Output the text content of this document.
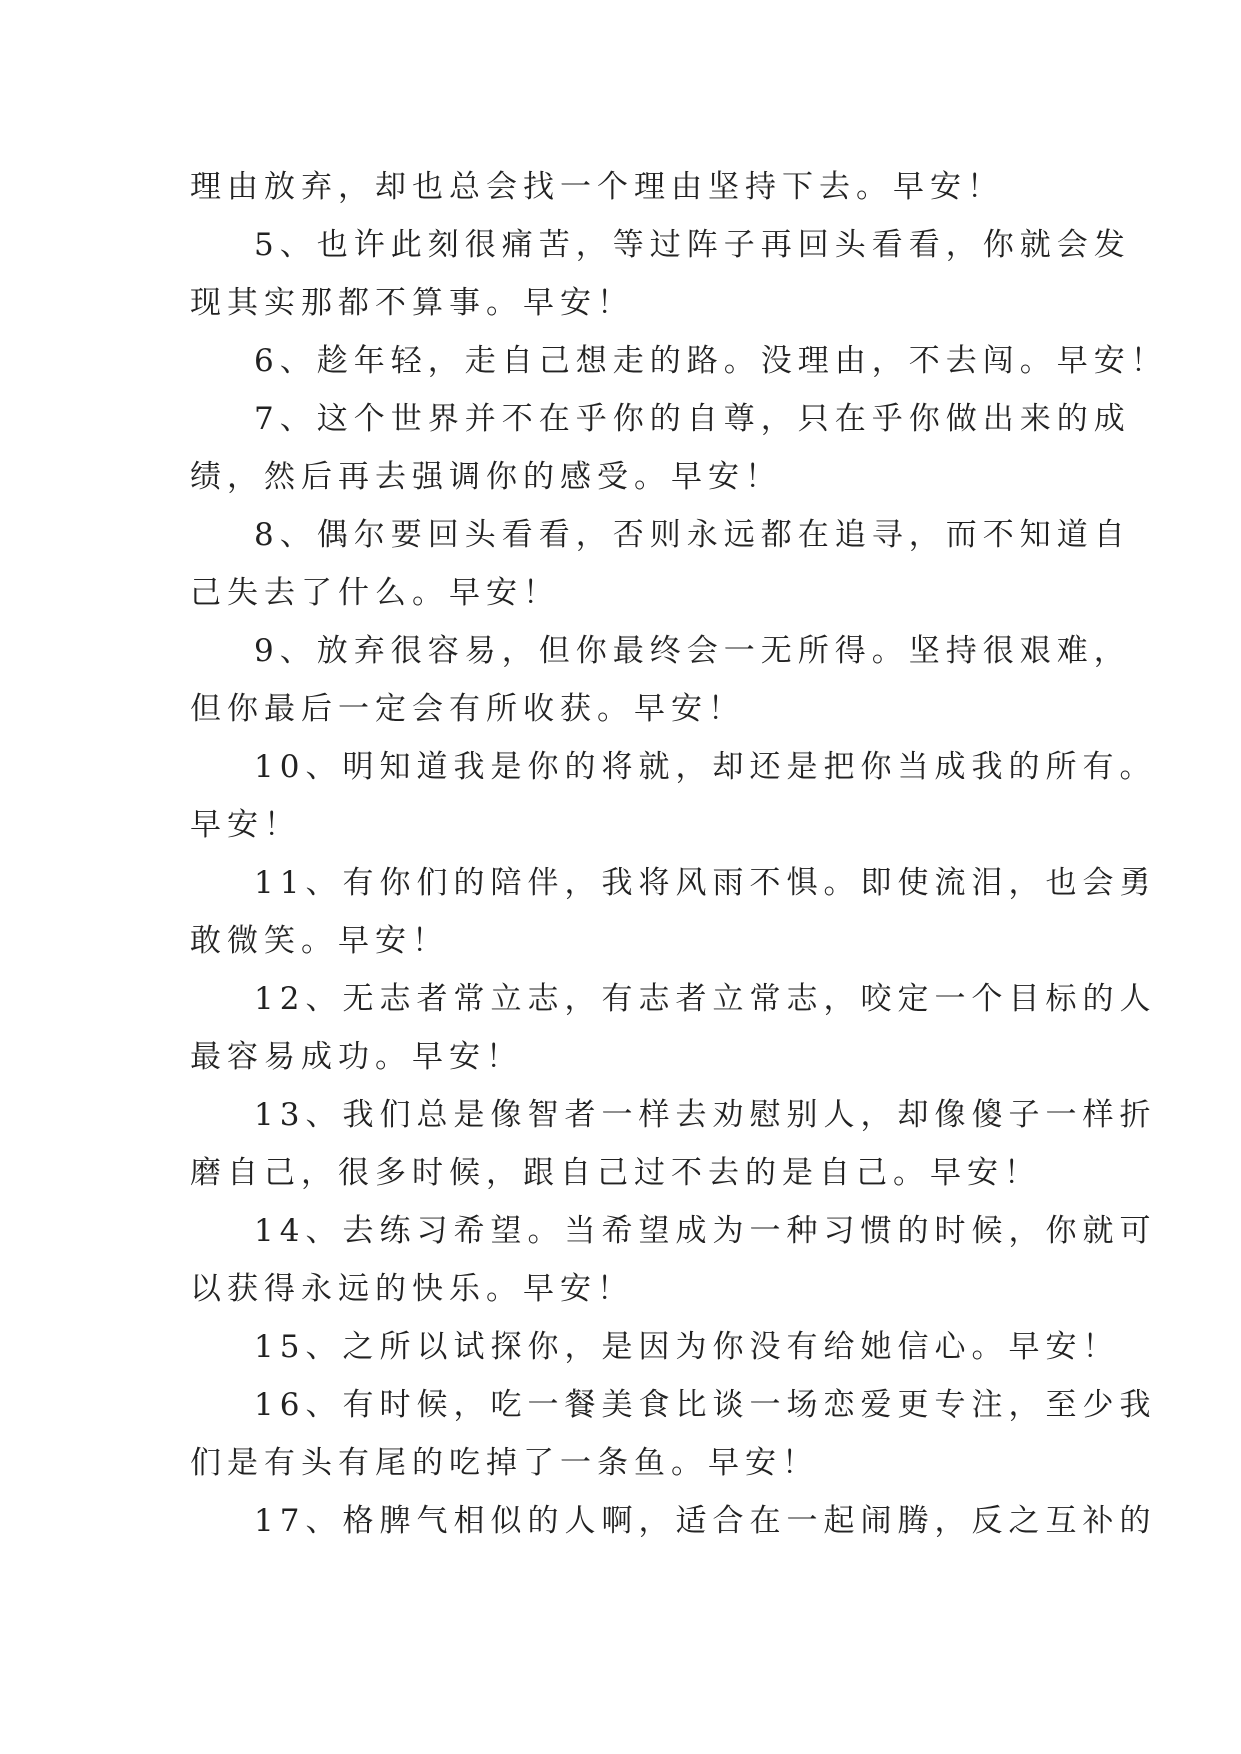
理由放弃，却也总会找一个理由坚持下去。早安！
5、也许此刻很痛苦，等过阵子再回头看看，你就会发
现其实那都不算事。早安！
6、趁年轻，走自己想走的路。没理由，不去闯。早安！
7、这个世界并不在乎你的自尊，只在乎你做出来的成
绩，然后再去强调你的感受。早安！
8、偶尔要回头看看，否则永远都在追寻，而不知道自
己失去了什么。早安！
9、放弃很容易，但你最终会一无所得。坚持很艰难，
但你最后一定会有所收获。早安！
10、明知道我是你的将就，却还是把你当成我的所有。
早安！
11、有你们的陪伴，我将风雨不惧。即使流泪，也会勇
敢微笑。早安！
12、无志者常立志，有志者立常志，咬定一个目标的人
最容易成功。早安！
13、我们总是像智者一样去劝慰别人，却像傻子一样折
磨自己，很多时候，跟自己过不去的是自己。早安！
14、去练习希望。当希望成为一种习惯的时候，你就可
以获得永远的快乐。早安！
15、之所以试探你，是因为你没有给她信心。早安！
16、有时候，吃一餐美食比谈一场恋爱更专注，至少我
们是有头有尾的吃掉了一条鱼。早安！
17、格脾气相似的人啊，适合在一起闹腾，反之互补的
